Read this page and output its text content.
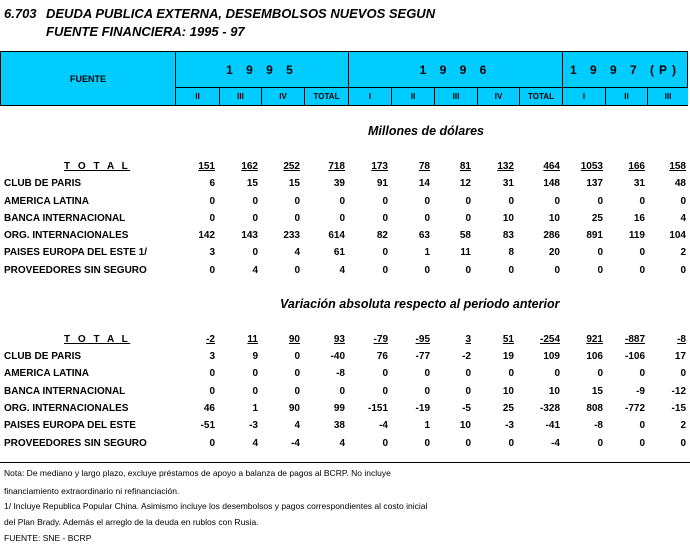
6.703 DEUDA PUBLICA EXTERNA, DESEMBOLSOS NUEVOS SEGUN
FUENTE FINANCIERA: 1995 - 97
FUENTE
1 9 9 5	1 9 9 6	1 9 9 7 (P)
II	III	IV	TOTAL	I	II	III	IV	TOTAL	I	II	III
Millones de dólares
T O T A L	151	162	252	718	173	78	81	132	464	1053	166	158
CLUB DE PARIS	6	15	15	39	91	14	12	31	148	137	31	48
AMERICA LATINA	0	0	0	0	0	0	0	0	0	0	0	0
BANCA INTERNACIONAL	0	0	0	0	0	0	0	10	10	25	16	4
ORG. INTERNACIONALES	142	143	233	614	82	63	58	83	286	891	119	104
PAISES EUROPA DEL ESTE 1/	3	0	4	61	0	1	11	8	20	0	0	2
PROVEEDORES SIN SEGURO	0	4	0	4	0	0	0	0	0	0	0	0
Variación absoluta respecto al periodo anterior
T O T A L	-2	11	90	93	-79	-95	3	51	-254	921	-887	-8
CLUB DE PARIS	3	9	0	-40	76	-77	-2	19	109	106	-106	17
AMERICA LATINA	0	0	0	-8	0	0	0	0	0	0	0	0
BANCA INTERNACIONAL	0	0	0	0	0	0	0	10	10	15	-9	-12
ORG. INTERNACIONALES	46	1	90	99	-151	-19	-5	25	-328	808	-772	-15
PAISES EUROPA DEL ESTE	-51	-3	4	38	-4	1	10	-3	-41	-8	0	2
PROVEEDORES SIN SEGURO	0	4	-4	4	0	0	0	0	-4	0	0	0
Nota: De mediano y largo plazo, excluye préstamos de apoyo a balanza de pagos al BCRP. No incluye
financiamiento extraordinario ni refinanciación.
1/ Incluye Republica Popular China. Asimismo incluye los desembolsos y pagos correspondientes al costo inicial
del Plan Brady. Además el arreglo de la deuda en rublos con Rusia.
FUENTE: SNE - BCRP
